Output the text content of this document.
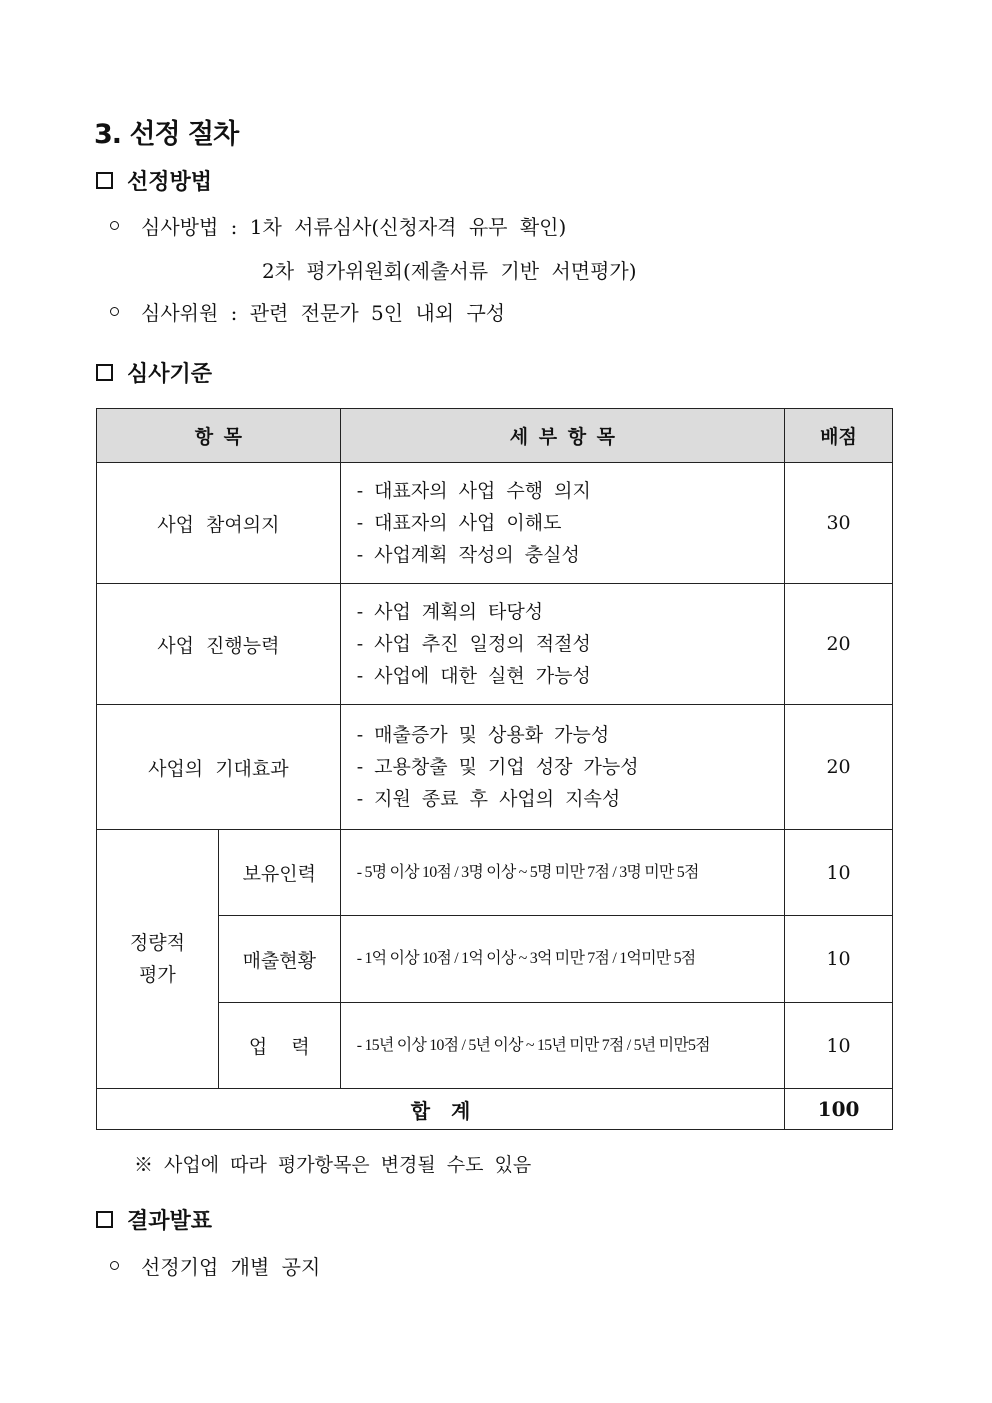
3. 선정 절차
선정방법
심사방법 : 1차 서류심사(신청자격 유무 확인)
2차 평가위원회(제출서류 기반 서면평가)
심사위원 : 관련 전문가 5인 내외 구성
심사기준
항 목		세 부 항 목	배점
사업 참여의지		- 대표자의 사업 수행 의지
- 대표자의 사업 이해도
- 사업계획 작성의 충실성	30
사업 진행능력		- 사업 계획의 타당성
- 사업 추진 일정의 적절성
- 사업에 대한 실현 가능성	20
사업의 기대효과		- 매출증가 및 상용화 가능성
- 고용창출 및 기업 성장 가능성
- 지원 종료 후 사업의 지속성	20

정량적
평가	보유인력	- 5명 이상 10점 / 3명 이상 ~ 5명 미만 7점 / 3명 미만 5점	10
	매출현황	- 1억 이상 10점 / 1억 이상 ~ 3억 미만 7점 / 1억미만 5점	10
	업    력	- 15년 이상 10점 / 5년 이상 ~ 15년 미만 7점 / 5년 미만5점	10
합   계			100
※ 사업에 따라 평가항목은 변경될 수도 있음
결과발표
선정기업 개별 공지
